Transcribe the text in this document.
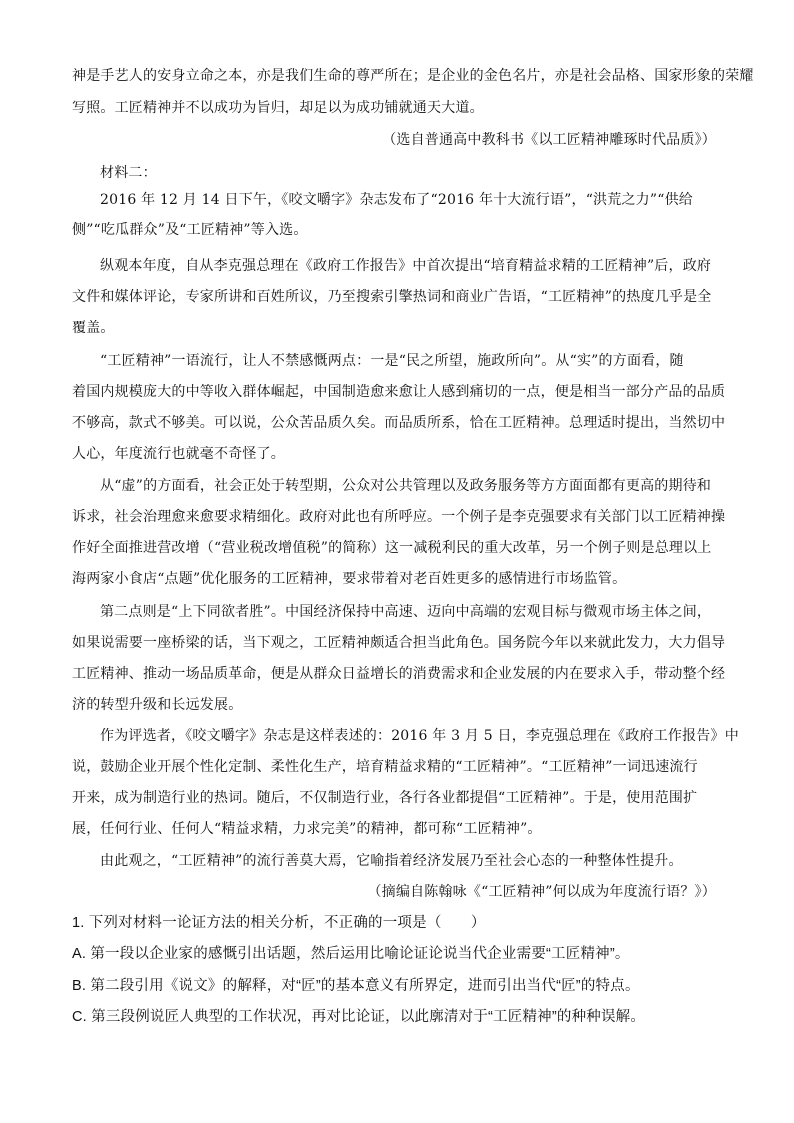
神是手艺人的安身立命之本，亦是我们生命的尊严所在；是企业的金色名片，亦是社会品格、国家形象的荣耀
写照。工匠精神并不以成功为旨归，却足以为成功铺就通天大道。
（选自普通高中教科书《以工匠精神雕琢时代品质》）
材料二：
2016 年 12 月 14 日下午，《咬文嚼字》杂志发布了“2016 年十大流行语”，“洪荒之力”“供给
侧”“吃瓜群众”及“工匠精神”等入选。
纵观本年度，自从李克强总理在《政府工作报告》中首次提出“培育精益求精的工匠精神”后，政府
文件和媒体评论，专家所讲和百姓所议，乃至搜索引擎热词和商业广告语，“工匠精神”的热度几乎是全
覆盖。
“工匠精神”一语流行，让人不禁感慨两点：一是“民之所望，施政所向”。从“实”的方面看，随
着国内规模庞大的中等收入群体崛起，中国制造愈来愈让人感到痛切的一点，便是相当一部分产品的品质
不够高，款式不够美。可以说，公众苦品质久矣。而品质所系，恰在工匠精神。总理适时提出，当然切中
人心，年度流行也就毫不奇怪了。
从“虚”的方面看，社会正处于转型期，公众对公共管理以及政务服务等方方面面都有更高的期待和
诉求，社会治理愈来愈要求精细化。政府对此也有所呼应。一个例子是李克强要求有关部门以工匠精神操
作好全面推进营改增（“营业税改增值税”的简称）这一减税利民的重大改革，另一个例子则是总理以上
海两家小食店“点题”优化服务的工匠精神，要求带着对老百姓更多的感情进行市场监管。
第二点则是“上下同欲者胜”。中国经济保持中高速、迈向中高端的宏观目标与微观市场主体之间，
如果说需要一座桥梁的话，当下观之，工匠精神颇适合担当此角色。国务院今年以来就此发力，大力倡导
工匠精神、推动一场品质革命，便是从群众日益增长的消费需求和企业发展的内在要求入手，带动整个经
济的转型升级和长远发展。
作为评选者，《咬文嚼字》杂志是这样表述的：2016 年 3 月 5 日，李克强总理在《政府工作报告》中
说，鼓励企业开展个性化定制、柔性化生产，培育精益求精的“工匠精神”。“工匠精神”一词迅速流行
开来，成为制造行业的热词。随后，不仅制造行业，各行各业都提倡“工匠精神”。于是，使用范围扩
展，任何行业、任何人“精益求精，力求完美”的精神，都可称“工匠精神”。
由此观之，“工匠精神”的流行善莫大焉，它喻指着经济发展乃至社会心态的一种整体性提升。
（摘编自陈翰咏《“工匠精神”何以成为年度流行语？》）
1. 下列对材料一论证方法的相关分析，不正确的一项是（　　）
A. 第一段以企业家的感慨引出话题，然后运用比喻论证论说当代企业需要“工匠精神”。
B. 第二段引用《说文》的解释，对“匠”的基本意义有所界定，进而引出当代“匠”的特点。
C. 第三段例说匠人典型的工作状况，再对比论证，以此廓清对于“工匠精神”的种种误解。
